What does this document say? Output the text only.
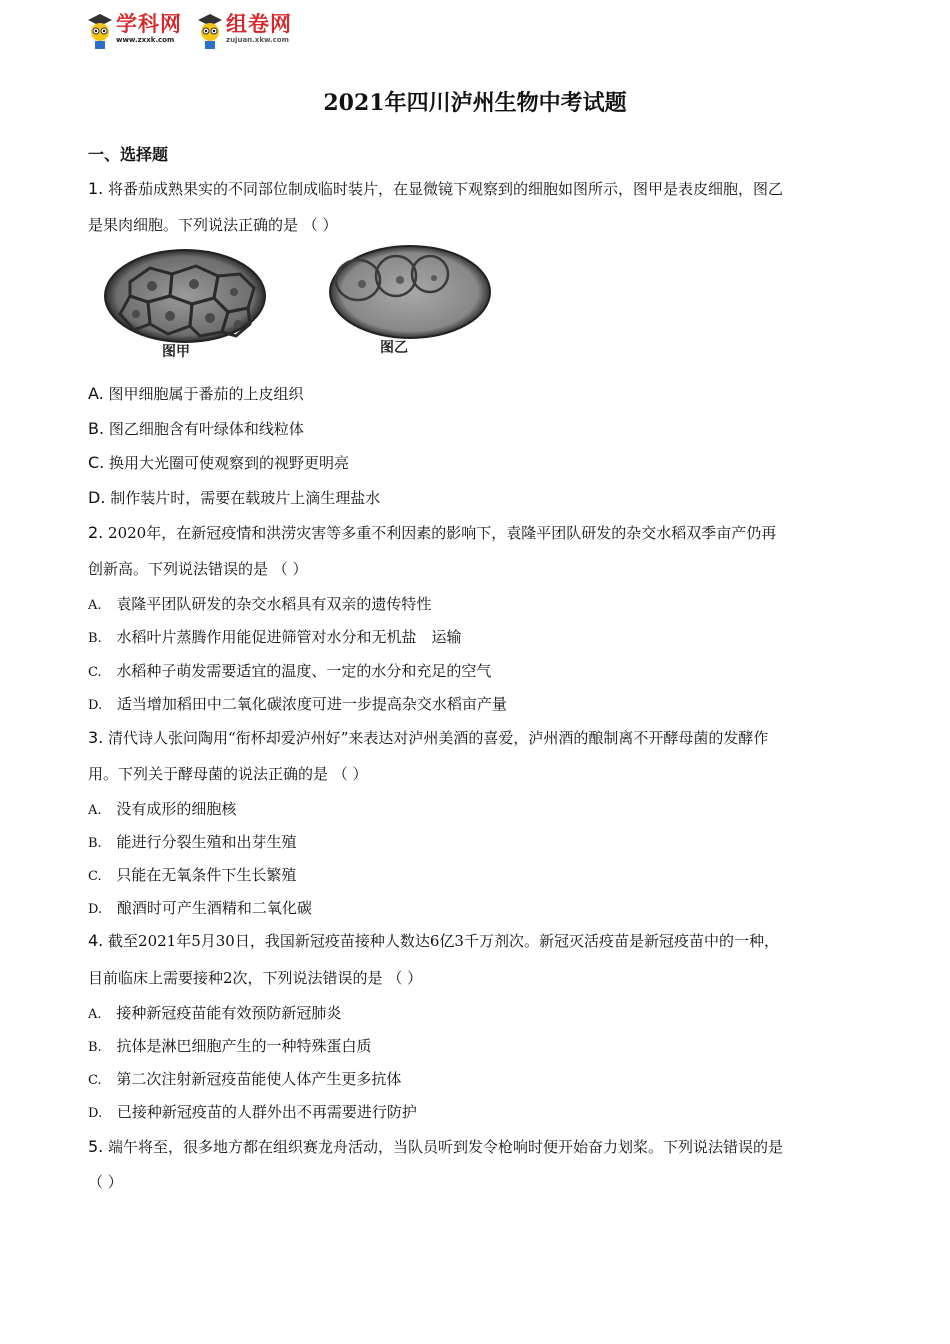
学科网
www.zxxk.com
组卷网
zujuan.xkw.com
2021年四川泸州生物中考试题
一、选择题
1. 将番茄成熟果实的不同部位制成临时装片，在显微镜下观察到的细胞如图所示，图甲是表皮细胞，图乙
是果肉细胞。下列说法正确的是 （ ）
图甲	图乙
A. 图甲细胞属于番茄的上皮组织
B. 图乙细胞含有叶绿体和线粒体
C. 换用大光圈可使观察到的视野更明亮
D. 制作装片时，需要在载玻片上滴生理盐水
2. 2020年，在新冠疫情和洪涝灾害等多重不利因素的影响下，袁隆平团队研发的杂交水稻双季亩产仍再
创新高。下列说法错误的是 （ ）
A. 袁隆平团队研发的杂交水稻具有双亲的遗传特性
B. 水稻叶片蒸腾作用能促进筛管对水分和无机盐　运输
C. 水稻种子萌发需要适宜的温度、一定的水分和充足的空气
D. 适当增加稻田中二氧化碳浓度可进一步提高杂交水稻亩产量
3. 清代诗人张问陶用“衔杯却爱泸州好”来表达对泸州美酒的喜爱，泸州酒的酿制离不开酵母菌的发酵作
用。下列关于酵母菌的说法正确的是 （ ）
A. 没有成形的细胞核
B. 能进行分裂生殖和出芽生殖
C. 只能在无氧条件下生长繁殖
D. 酿酒时可产生酒精和二氧化碳
4. 截至2021年5月30日，我国新冠疫苗接种人数达6亿3千万剂次。新冠灭活疫苗是新冠疫苗中的一种，
目前临床上需要接种2次，下列说法错误的是 （ ）
A. 接种新冠疫苗能有效预防新冠肺炎
B. 抗体是淋巴细胞产生的一种特殊蛋白质
C. 第二次注射新冠疫苗能使人体产生更多抗体
D. 已接种新冠疫苗的人群外出不再需要进行防护
5. 端午将至，很多地方都在组织赛龙舟活动，当队员听到发令枪响时便开始奋力划桨。下列说法错误的是
（ ）
